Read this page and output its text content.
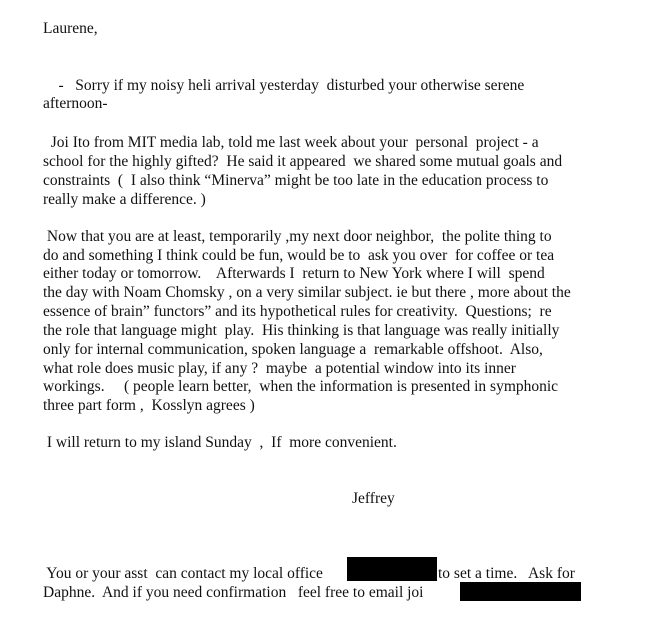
Laurene,
-   Sorry if my noisy heli arrival yesterday  disturbed your otherwise serene
afternoon-
Joi Ito from MIT media lab, told me last week about your  personal  project - a
school for the highly gifted?  He said it appeared  we shared some mutual goals and
constraints  (  I also think “Minerva” might be too late in the education process to
really make a difference. )
Now that you are at least, temporarily ,my next door neighbor,  the polite thing to
do and something I think could be fun, would be to  ask you over  for coffee or tea
either today or tomorrow.    Afterwards I  return to New York where I will  spend
the day with Noam Chomsky , on a very similar subject. ie but there , more about the
essence of brain” functors” and its hypothetical rules for creativity.  Questions;  re
the role that language might  play.  His thinking is that language was really initially
only for internal communication, spoken language a  remarkable offshoot.  Also,
what role does music play, if any ?  maybe  a potential window into its inner
workings.     ( people learn better,  when the information is presented in symphonic
three part form ,  Kosslyn agrees )
I will return to my island Sunday  ,  If  more convenient.
Jeffrey
You or your asst  can contact my local office	to set a time.   Ask for
Daphne.  And if you need confirmation   feel free to email joi
